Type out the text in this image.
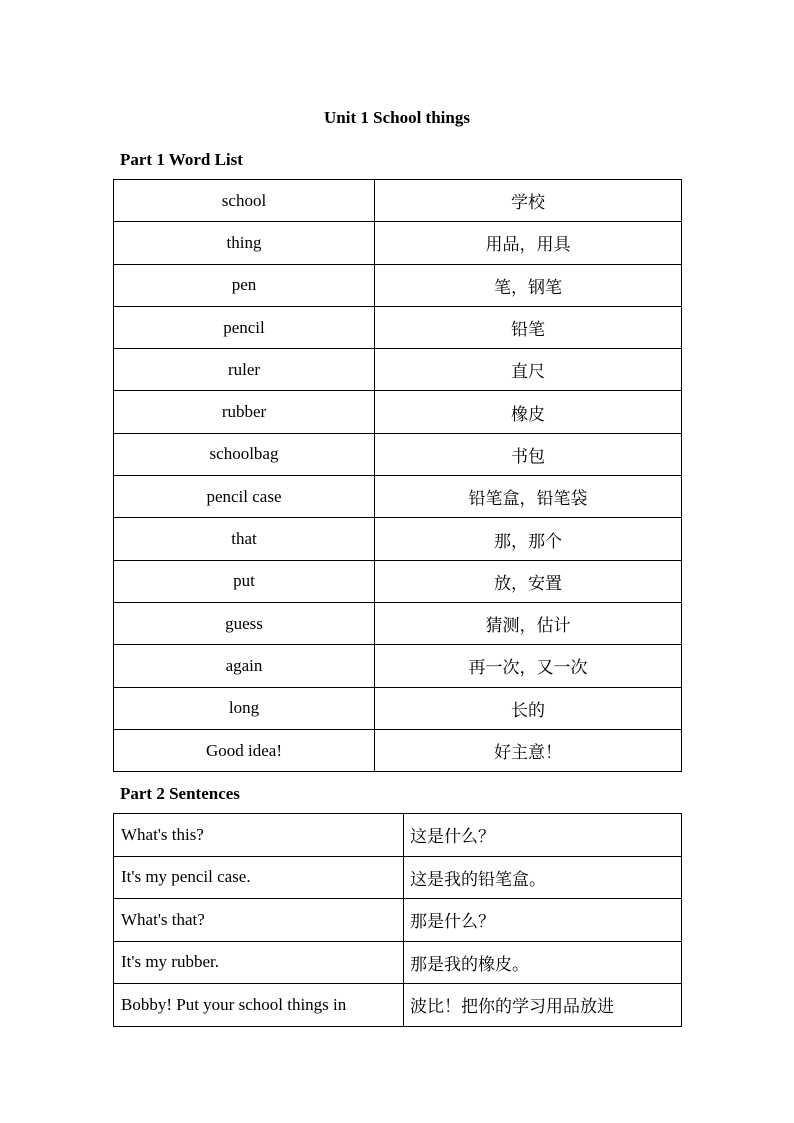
Unit 1 School things
Part 1 Word List
school	学校
thing	用品，用具
pen	笔，钢笔
pencil	铅笔
ruler	直尺
rubber	橡皮
schoolbag	书包
pencil case	铅笔盒，铅笔袋
that	那，那个
put	放，安置
guess	猜测，估计
again	再一次，又一次
long	长的
Good idea!	好主意！
Part 2 Sentences
What's this?	这是什么？
It's my pencil case.	这是我的铅笔盒。
What's that?	那是什么？
It's my rubber.	那是我的橡皮。
Bobby! Put your school things in	波比！把你的学习用品放进
